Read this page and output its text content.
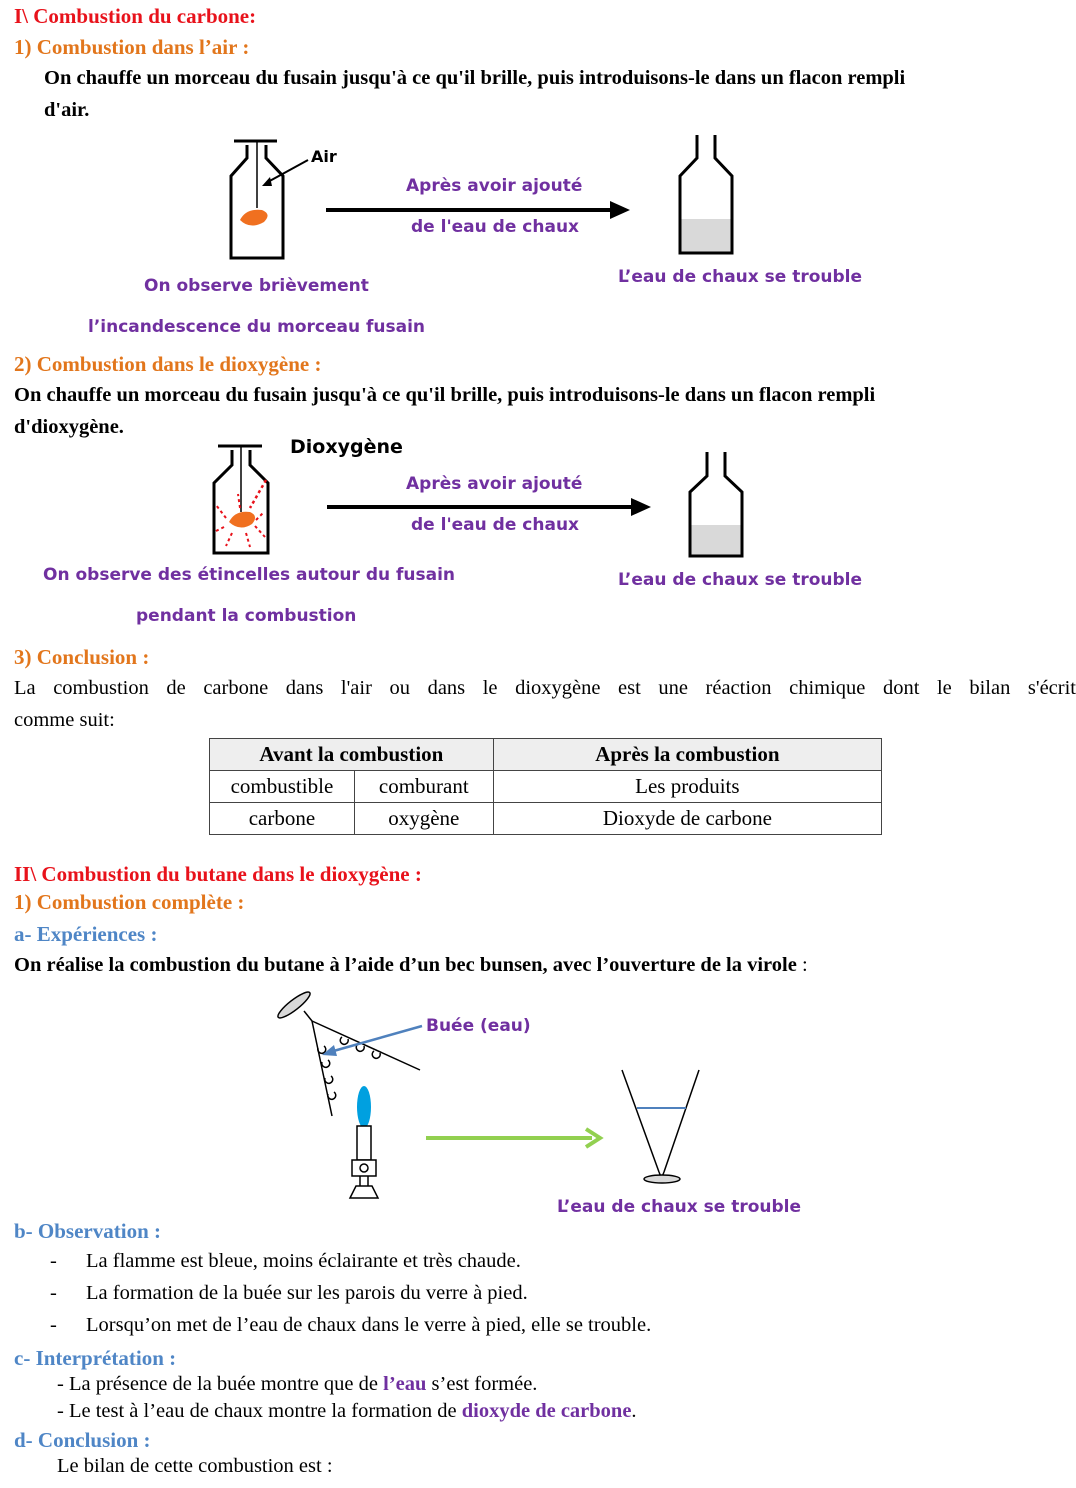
I\ Combustion du carbone:
1) Combustion dans l’air :
On chauffe un morceau du fusain jusqu'à ce qu'il brille, puis introduisons-le dans un flacon rempli
d'air.
Air
Après avoir ajouté
de l'eau de chaux
On observe brièvement
l’incandescence du morceau fusain
L’eau de chaux se trouble
2) Combustion dans le dioxygène :
On chauffe un morceau du fusain jusqu'à ce qu'il brille, puis introduisons-le dans un flacon rempli
d'dioxygène.
Dioxygène
Après avoir ajouté
de l'eau de chaux
On observe des étincelles autour du fusain
pendant la combustion
L’eau de chaux se trouble
3) Conclusion :
La combustion de carbone dans l'air ou dans le dioxygène est une réaction chimique dont le bilan s'écrit
comme suit:
Avant la combustion		Après la combustion
combustible	comburant	Les produits
carbone	oxygène	Dioxyde de carbone
II\ Combustion du butane dans le dioxygène :
1) Combustion complète :
a- Expériences :
On réalise la combustion du butane à l’aide d’un bec bunsen, avec l’ouverture de la virole :
Buée (eau)
L’eau de chaux se trouble
b- Observation :
- La flamme est bleue, moins éclairante et très chaude.
- La formation de la buée sur les parois du verre à pied.
- Lorsqu’on met de l’eau de chaux dans le verre à pied, elle se trouble.
c- Interprétation :
- La présence de la buée montre que de l’eau s’est formée.
- Le test à l’eau de chaux montre la formation de dioxyde de carbone.
d- Conclusion :
Le bilan de cette combustion est :
